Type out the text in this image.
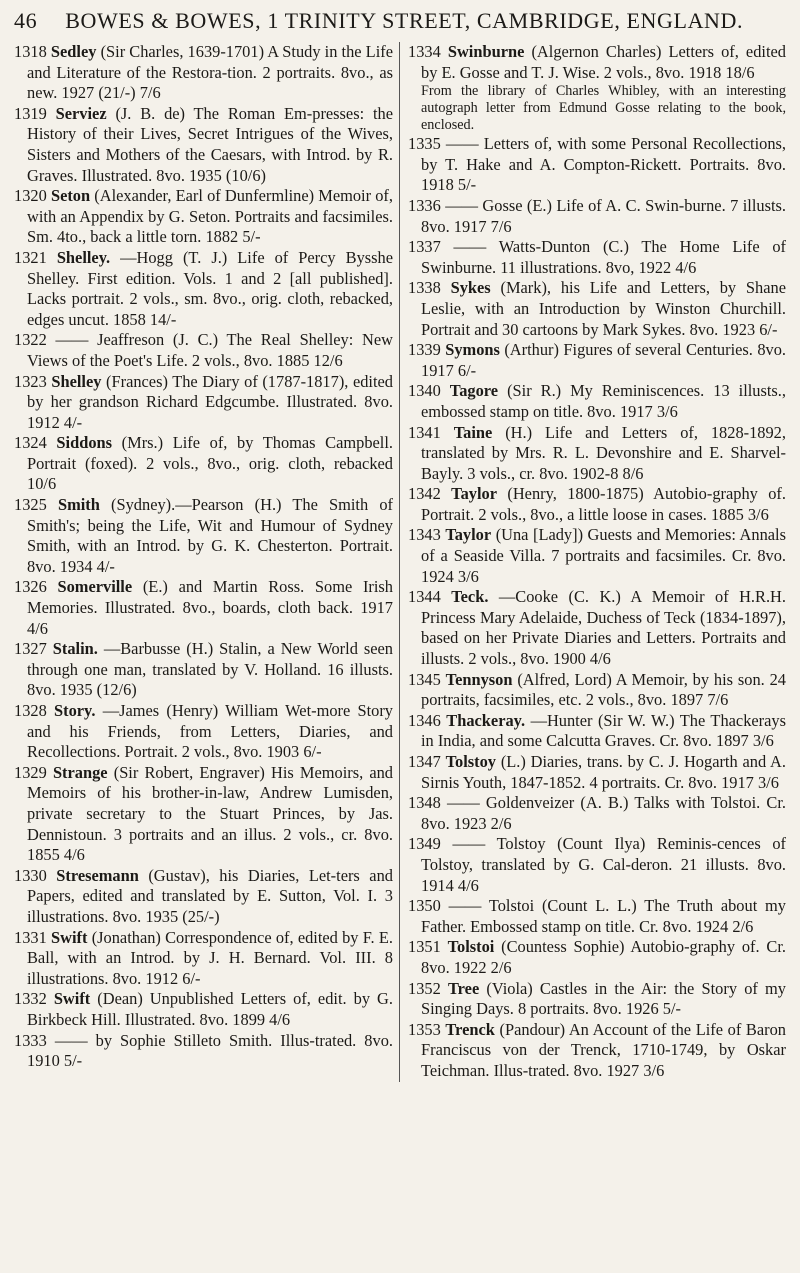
46 BOWES & BOWES, 1 TRINITY STREET, CAMBRIDGE, ENGLAND.

1318 Sedley (Sir Charles, 1639-1701) A Study in the Life and Literature of the Restora-tion. 2 portraits. 8vo., as new. 1927 (21/-) 7/6

1319 Serviez (J. B. de) The Roman Em-presses: the History of their Lives, Secret Intrigues of the Wives, Sisters and Mothers of the Caesars, with Introd. by R. Graves. Illustrated. 8vo. 1935 (10/6)

1320 Seton (Alexander, Earl of Dunfermline) Memoir of, with an Appendix by G. Seton. Portraits and facsimiles. Sm. 4to., back a little torn. 1882 5/-

1321 Shelley. —Hogg (T. J.) Life of Percy Bysshe Shelley. First edition. Vols. 1 and 2 [all published]. Lacks portrait. 2 vols., sm. 8vo., orig. cloth, rebacked, edges uncut. 1858 14/-

1322 —— Jeaffreson (J. C.) The Real Shelley: New Views of the Poet's Life. 2 vols., 8vo. 1885 12/6

1323 Shelley (Frances) The Diary of (1787-1817), edited by her grandson Richard Edgcumbe. Illustrated. 8vo. 1912 4/-

1324 Siddons (Mrs.) Life of, by Thomas Campbell. Portrait (foxed). 2 vols., 8vo., orig. cloth, rebacked 10/6

1325 Smith (Sydney).—Pearson (H.) The Smith of Smith's; being the Life, Wit and Humour of Sydney Smith, with an Introd. by G. K. Chesterton. Portrait. 8vo. 1934 4/-

1326 Somerville (E.) and Martin Ross. Some Irish Memories. Illustrated. 8vo., boards, cloth back. 1917 4/6

1327 Stalin. —Barbusse (H.) Stalin, a New World seen through one man, translated by V. Holland. 16 illusts. 8vo. 1935 (12/6)

1328 Story. —James (Henry) William Wet-more Story and his Friends, from Letters, Diaries, and Recollections. Portrait. 2 vols., 8vo. 1903 6/-

1329 Strange (Sir Robert, Engraver) His Memoirs, and Memoirs of his brother-in-law, Andrew Lumisden, private secretary to the Stuart Princes, by Jas. Dennistoun. 3 portraits and an illus. 2 vols., cr. 8vo. 1855 4/6

1330 Stresemann (Gustav), his Diaries, Let-ters and Papers, edited and translated by E. Sutton, Vol. I. 3 illustrations. 8vo. 1935 (25/-)

1331 Swift (Jonathan) Correspondence of, edited by F. E. Ball, with an Introd. by J. H. Bernard. Vol. III. 8 illustrations. 8vo. 1912 6/-

1332 Swift (Dean) Unpublished Letters of, edit. by G. Birkbeck Hill. Illustrated. 8vo. 1899 4/6

1333 —— by Sophie Stilleto Smith. Illus-trated. 8vo. 1910 5/-

1334 Swinburne (Algernon Charles) Letters of, edited by E. Gosse and T. J. Wise. 2 vols., 8vo. 1918 18/6

From the library of Charles Whibley, with an interesting autograph letter from Edmund Gosse relating to the book, enclosed.

1335 —— Letters of, with some Personal Recollections, by T. Hake and A. Compton-Rickett. Portraits. 8vo. 1918 5/-

1336 —— Gosse (E.) Life of A. C. Swin-burne. 7 illusts. 8vo. 1917 7/6

1337 —— Watts-Dunton (C.) The Home Life of Swinburne. 11 illustrations. 8vo, 1922 4/6

1338 Sykes (Mark), his Life and Letters, by Shane Leslie, with an Introduction by Winston Churchill. Portrait and 30 cartoons by Mark Sykes. 8vo. 1923 6/-

1339 Symons (Arthur) Figures of several Centuries. 8vo. 1917 6/-

1340 Tagore (Sir R.) My Reminiscences. 13 illusts., embossed stamp on title. 8vo. 1917 3/6

1341 Taine (H.) Life and Letters of, 1828-1892, translated by Mrs. R. L. Devonshire and E. Sharvel-Bayly. 3 vols., cr. 8vo. 1902-8 8/6

1342 Taylor (Henry, 1800-1875) Autobio-graphy of. Portrait. 2 vols., 8vo., a little loose in cases. 1885 3/6

1343 Taylor (Una [Lady]) Guests and Memories: Annals of a Seaside Villa. 7 portraits and facsimiles. Cr. 8vo. 1924 3/6

1344 Teck. —Cooke (C. K.) A Memoir of H.R.H. Princess Mary Adelaide, Duchess of Teck (1834-1897), based on her Private Diaries and Letters. Portraits and illusts. 2 vols., 8vo. 1900 4/6

1345 Tennyson (Alfred, Lord) A Memoir, by his son. 24 portraits, facsimiles, etc. 2 vols., 8vo. 1897 7/6

1346 Thackeray. —Hunter (Sir W. W.) The Thackerays in India, and some Calcutta Graves. Cr. 8vo. 1897 3/6

1347 Tolstoy (L.) Diaries, trans. by C. J. Hogarth and A. Sirnis Youth, 1847-1852. 4 portraits. Cr. 8vo. 1917 3/6

1348 —— Goldenveizer (A. B.) Talks with Tolstoi. Cr. 8vo. 1923 2/6

1349 —— Tolstoy (Count Ilya) Reminis-cences of Tolstoy, translated by G. Cal-deron. 21 illusts. 8vo. 1914 4/6

1350 —— Tolstoi (Count L. L.) The Truth about my Father. Embossed stamp on title. Cr. 8vo. 1924 2/6

1351 Tolstoi (Countess Sophie) Autobio-graphy of. Cr. 8vo. 1922 2/6

1352 Tree (Viola) Castles in the Air: the Story of my Singing Days. 8 portraits. 8vo. 1926 5/-

1353 Trenck (Pandour) An Account of the Life of Baron Franciscus von der Trenck, 1710-1749, by Oskar Teichman. Illus-trated. 8vo. 1927 3/6
